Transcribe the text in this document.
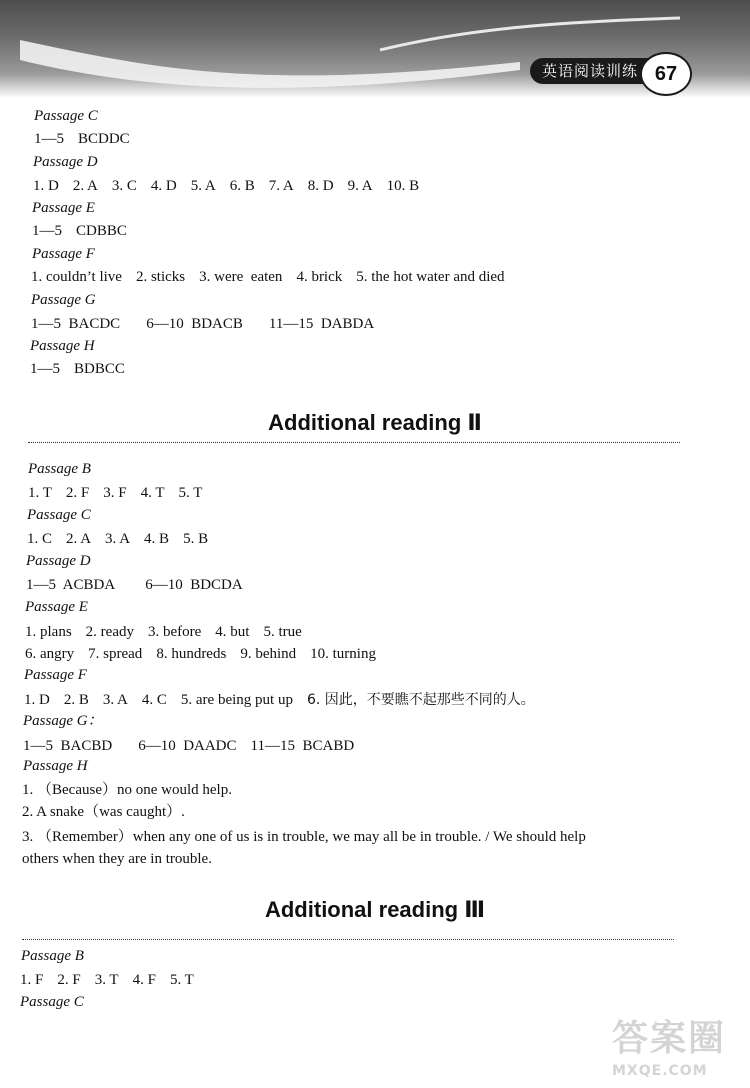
英语阅读训练 67
Passage C
1—5 BCDDC
Passage D
1. D 2. A 3. C 4. D 5. A 6. B 7. A 8. D 9. A 10. B
Passage E
1—5 CDBBC
Passage F
1. couldn’t live 2. sticks 3. were  eaten 4. brick 5. the hot water and died
Passage G
1—5  BACDC 6—10  BDACB 11—15  DABDA
Passage H
1—5 BDBCC
Additional reading Ⅱ
Passage B
1. T 2. F 3. F 4. T 5. T
Passage C
1. C 2. A 3. A 4. B 5. B
Passage D
1—5  ACBDA 6—10  BDCDA
Passage E
1. plans 2. ready 3. before 4. but 5. true
6. angry 7. spread 8. hundreds 9. behind 10. turning
Passage F
1. D 2. B 3. A 4. C 5. are being put up 6. 因此，不要瞧不起那些不同的人。
Passage G：
1—5  BACBD 6—10  DAADC 11—15  BCABD
Passage H
1. （Because）no one would help.
2. A snake（was caught）.
3. （Remember）when any one of us is in trouble, we may all be in trouble. / We should help
others when they are in trouble.
Additional reading Ⅲ
Passage B
1. F 2. F 3. T 4. F 5. T
Passage C
答案圈
MXQE.COM
